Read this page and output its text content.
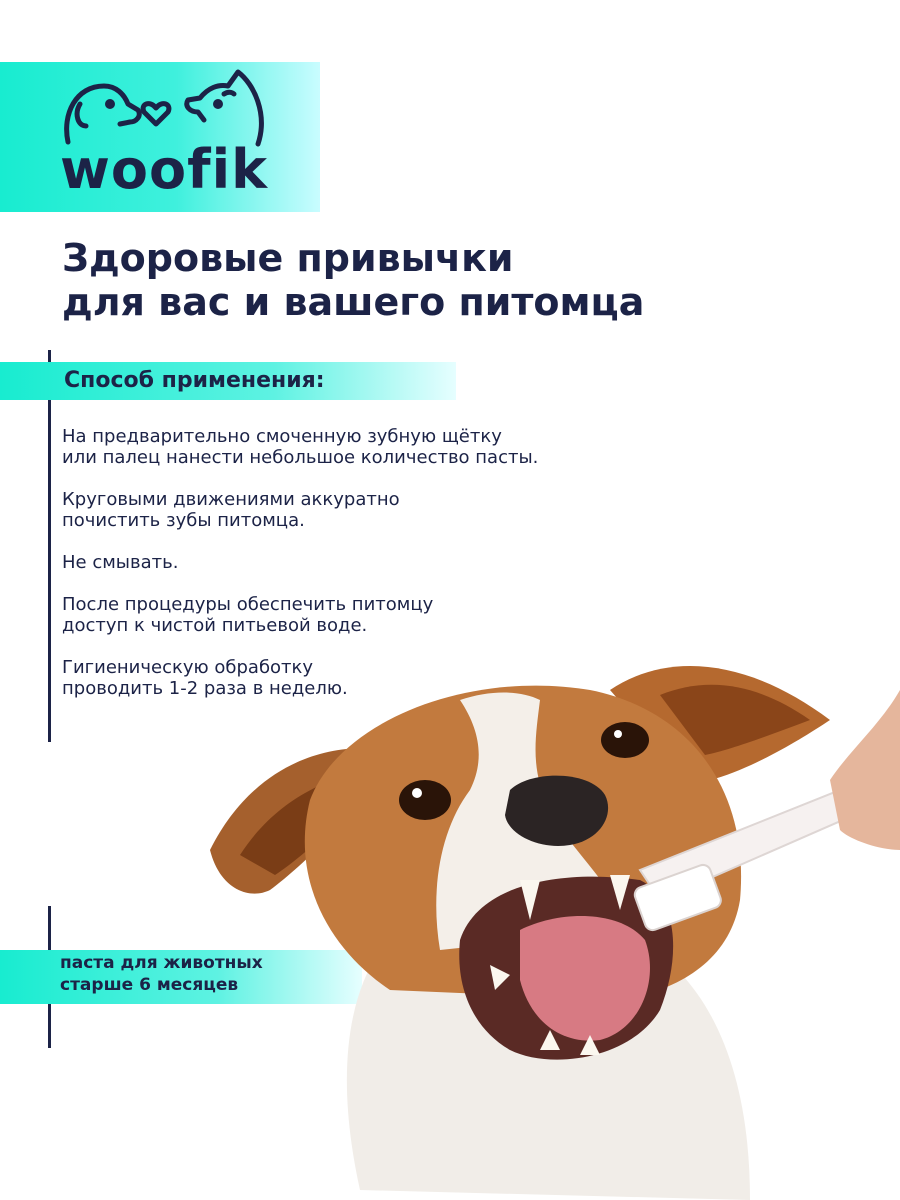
woofik
Здоровые привычки
для вас и вашего питомца
Способ применения:

На предварительно смоченную зубную щётку
или палец нанести небольшое количество пасты.

Круговыми движениями аккуратно
почистить зубы питомца.

Не смывать.

После процедуры обеспечить питомцу
доступ к чистой питьевой воде.

Гигиеническую обработку
проводить 1-2 раза в неделю.

паста для животных
старше 6 месяцев
